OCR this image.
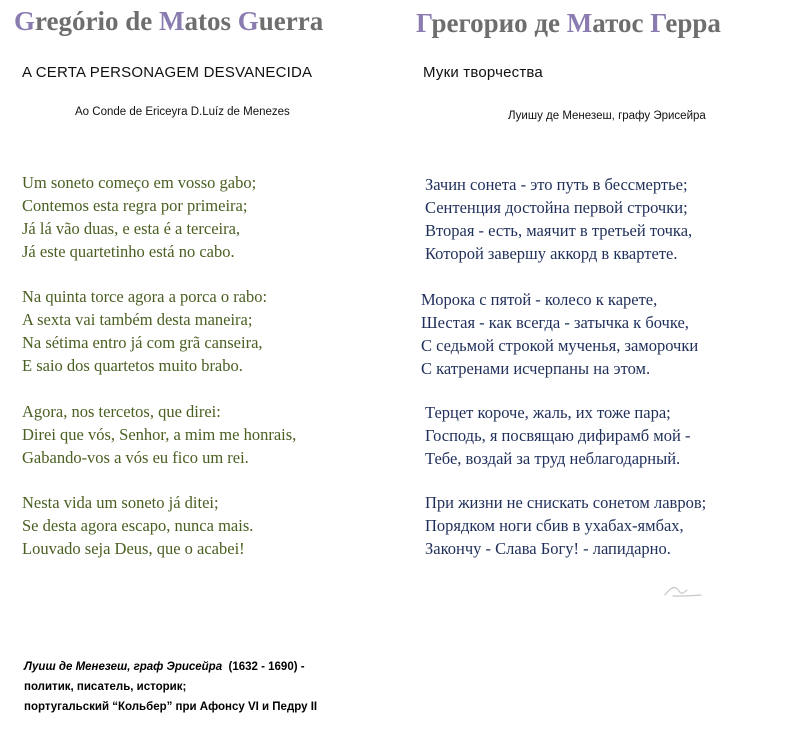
Gregório de Matos Guerra
A CERTA PERSONAGEM DESVANECIDA
Ao Conde de Ericeyra D.Luíz de Menezes
Um soneto começo em vosso gabo;
Contemos esta regra por primeira;
Já lá vão duas, e esta é a terceira,
Já este quartetinho está no cabo.
Na quinta torce agora a porca o rabo:
A sexta vai também desta maneira;
Na sétima entro já com grã canseira,
E saio dos quartetos muito brabo.
Agora, nos tercetos, que direi:
Direi que vós, Senhor, a mim me honrais,
Gabando-vos a vós eu fico um rei.
Nesta vida um soneto já ditei;
Se desta agora escapo, nunca mais.
Louvado seja Deus, que o acabei!
Грегорио де Матос Герра
Муки творчества
Луишу де Менезеш, графу Эрисейра
Зачин сонета - это путь в бессмертье;
Сентенция достойна первой строчки;
Вторая - есть, маячит в третьей точка,
Которой завершу аккорд в квартете.
Морока с пятой - колесо к карете,
Шестая - как всегда - затычка к бочке,
С седьмой строкой мученья, заморочки
С катренами исчерпаны на этом.
Терцет короче, жаль, их тоже пара;
Господь, я посвящаю дифирамб мой -
Тебе, воздай за труд неблагодарный.
При жизни не снискать сонетом лавров;
Порядком ноги сбив в ухабах-ямбах,
Закончу - Слава Богу! - лапидарно.
Луиш де Менезеш, граф Эрисейра  (1632 - 1690) -
политик, писатель, историк;
португальский “Кольбер” при Афонсу VI и Педру II
